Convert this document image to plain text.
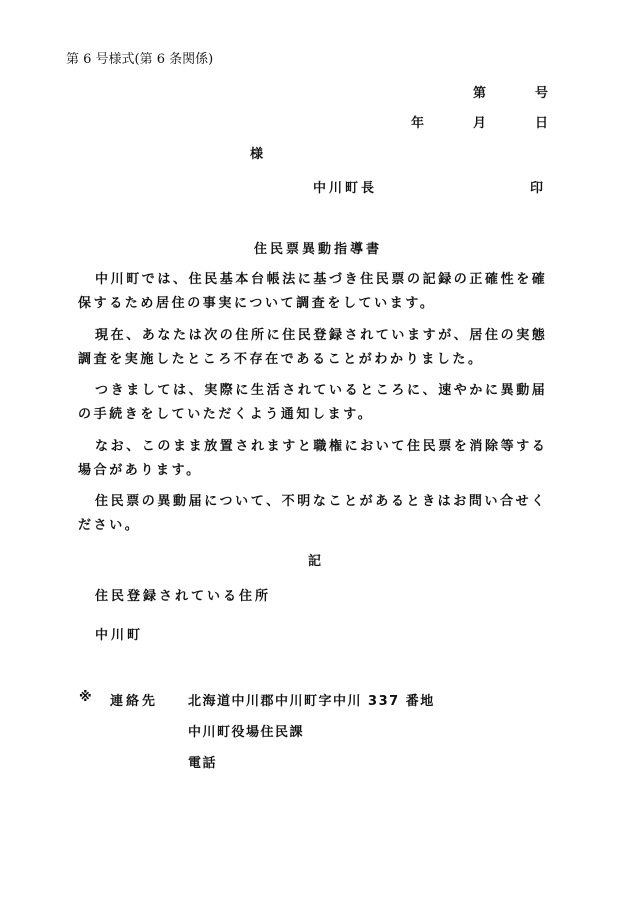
第 6 号様式(第 6 条関係)
第	号
年	月	日
様
中川町長	印
住民票異動指導書
中川町では、住民基本台帳法に基づき住民票の記録の正確性を確
保するため居住の事実について調査をしています。
現在、あなたは次の住所に住民登録されていますが、居住の実態
調査を実施したところ不存在であることがわかりました。
つきましては、実際に生活されているところに、速やかに異動届
の手続きをしていただくよう通知します。
なお、このまま放置されますと職権において住民票を消除等する
場合があります。
住民票の異動届について、不明なことがあるときはお問い合せく
ださい。
記
住民登録されている住所
中川町
※ 連絡先 北海道中川郡中川町字中川 337 番地
中川町役場住民課
電話
